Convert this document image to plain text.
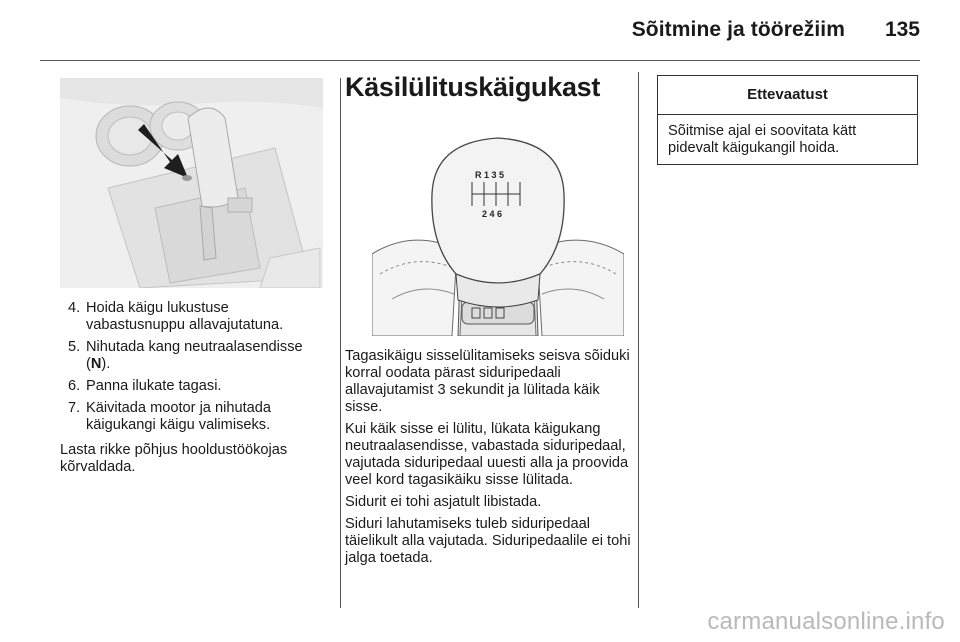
Sõitmine ja töörežiim	135
4. Hoida käigu lukustuse vabastusnuppu allavajutatuna.
5. Nihutada kang neutraalasendisse (N).
6. Panna ilukate tagasi.
7. Käivitada mootor ja nihutada käigukangi käigu valimiseks.

Lasta rikke põhjus hooldustöökojas kõrvaldada.

Käsilülituskäigukast
R 1 3 5
2 4 6

Tagasikäigu sisselülitamiseks seisva sõiduki korral oodata pärast siduripedaali allavajutamist 3 sekundit ja lülitada käik sisse.

Kui käik sisse ei lülitu, lükata käigukang neutraalasendisse, vabastada siduripedaal, vajutada siduripedaal uuesti alla ja proovida veel kord tagasikäiku sisse lülitada.

Sidurit ei tohi asjatult libistada.

Siduri lahutamiseks tuleb siduripedaal täielikult alla vajutada. Siduripedaalile ei tohi jalga toetada.

Ettevaatust
Sõitmise ajal ei soovitata kätt pidevalt käigukangil hoida.
carmanualsonline.info
